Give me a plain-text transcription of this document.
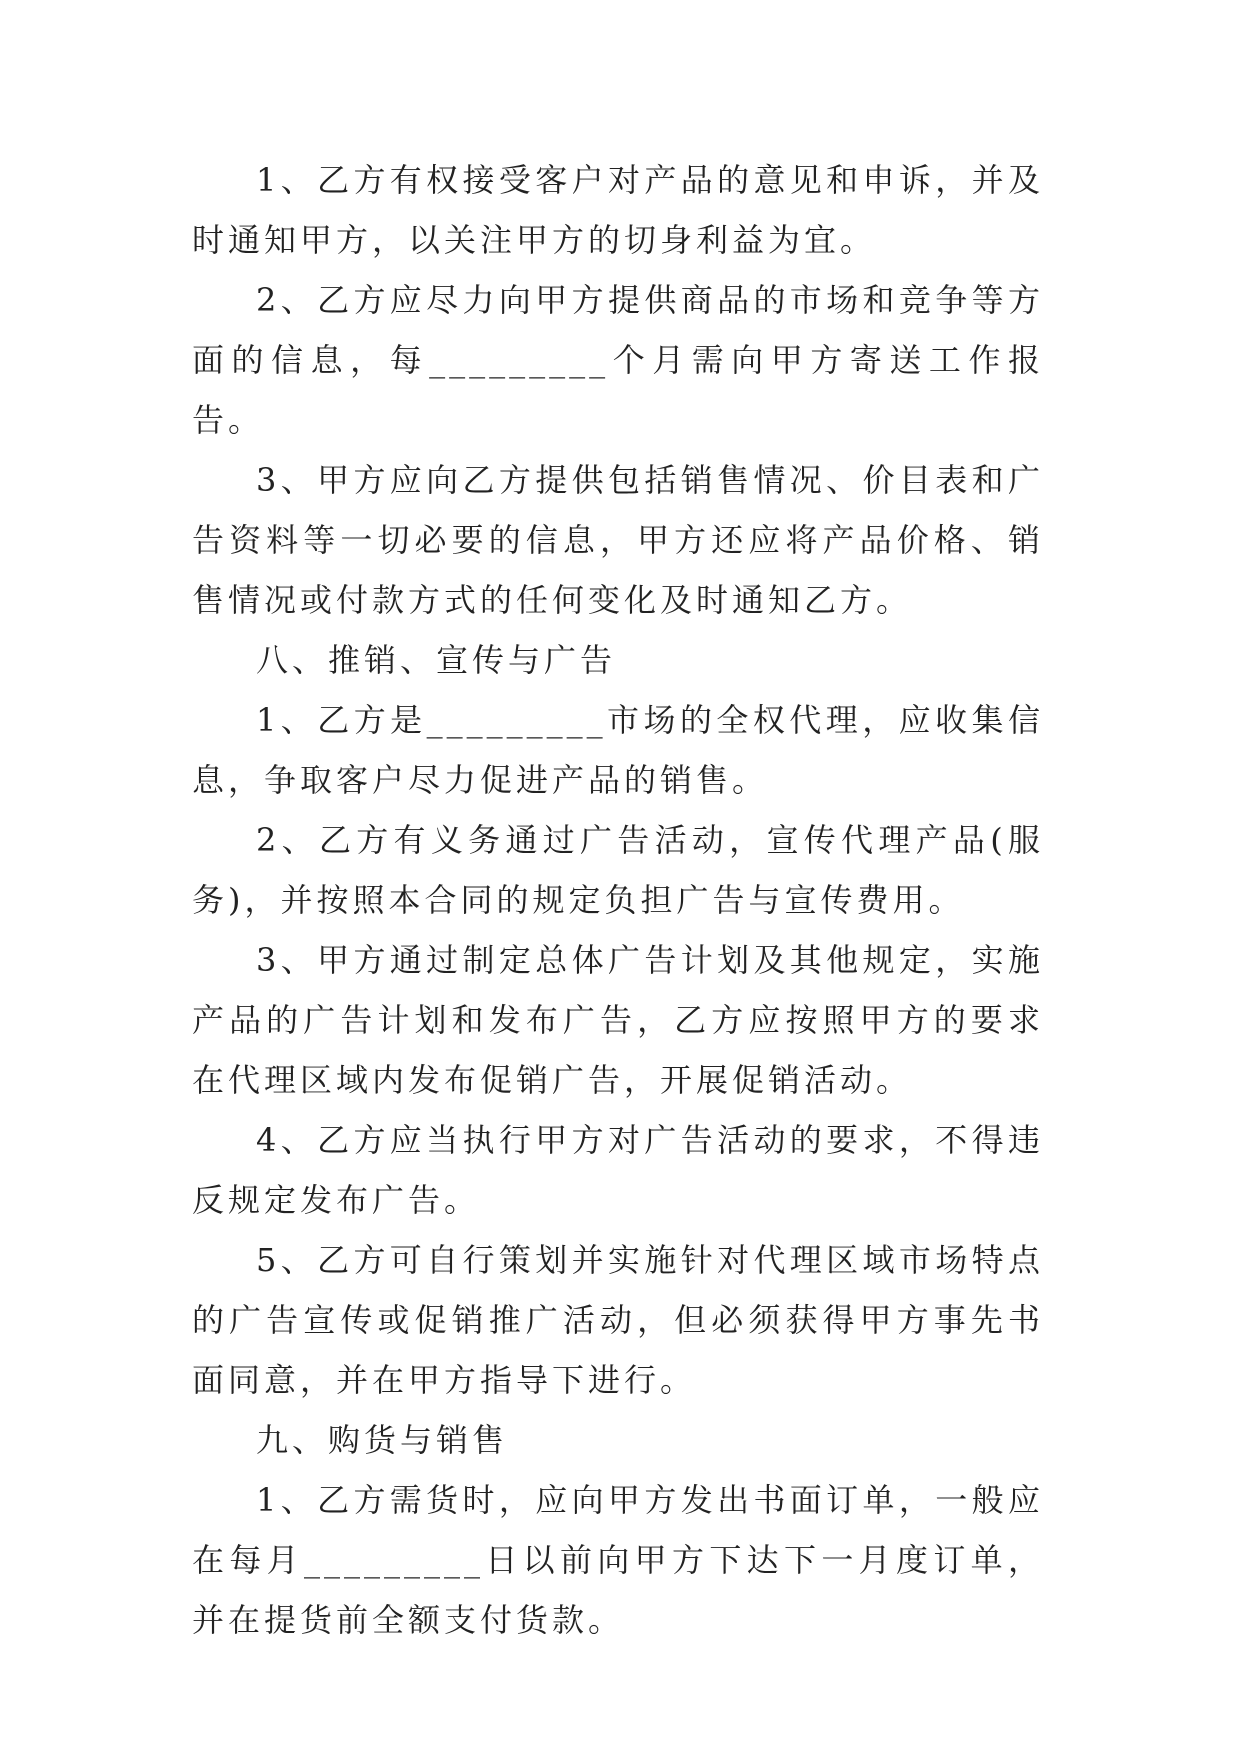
1、乙方有权接受客户对产品的意见和申诉，并及时通知甲方，以关注甲方的切身利益为宜。

2、乙方应尽力向甲方提供商品的市场和竞争等方面的信息，每_________个月需向甲方寄送工作报告。

3、甲方应向乙方提供包括销售情况、价目表和广告资料等一切必要的信息，甲方还应将产品价格、销售情况或付款方式的任何变化及时通知乙方。

八、推销、宣传与广告

1、乙方是_________市场的全权代理，应收集信息，争取客户尽力促进产品的销售。

2、乙方有义务通过广告活动，宣传代理产品(服务)，并按照本合同的规定负担广告与宣传费用。

3、甲方通过制定总体广告计划及其他规定，实施产品的广告计划和发布广告，乙方应按照甲方的要求在代理区域内发布促销广告，开展促销活动。

4、乙方应当执行甲方对广告活动的要求，不得违反规定发布广告。

5、乙方可自行策划并实施针对代理区域市场特点的广告宣传或促销推广活动，但必须获得甲方事先书面同意，并在甲方指导下进行。

九、购货与销售

1、乙方需货时，应向甲方发出书面订单，一般应在每月_________日以前向甲方下达下一月度订单，并在提货前全额支付货款。
